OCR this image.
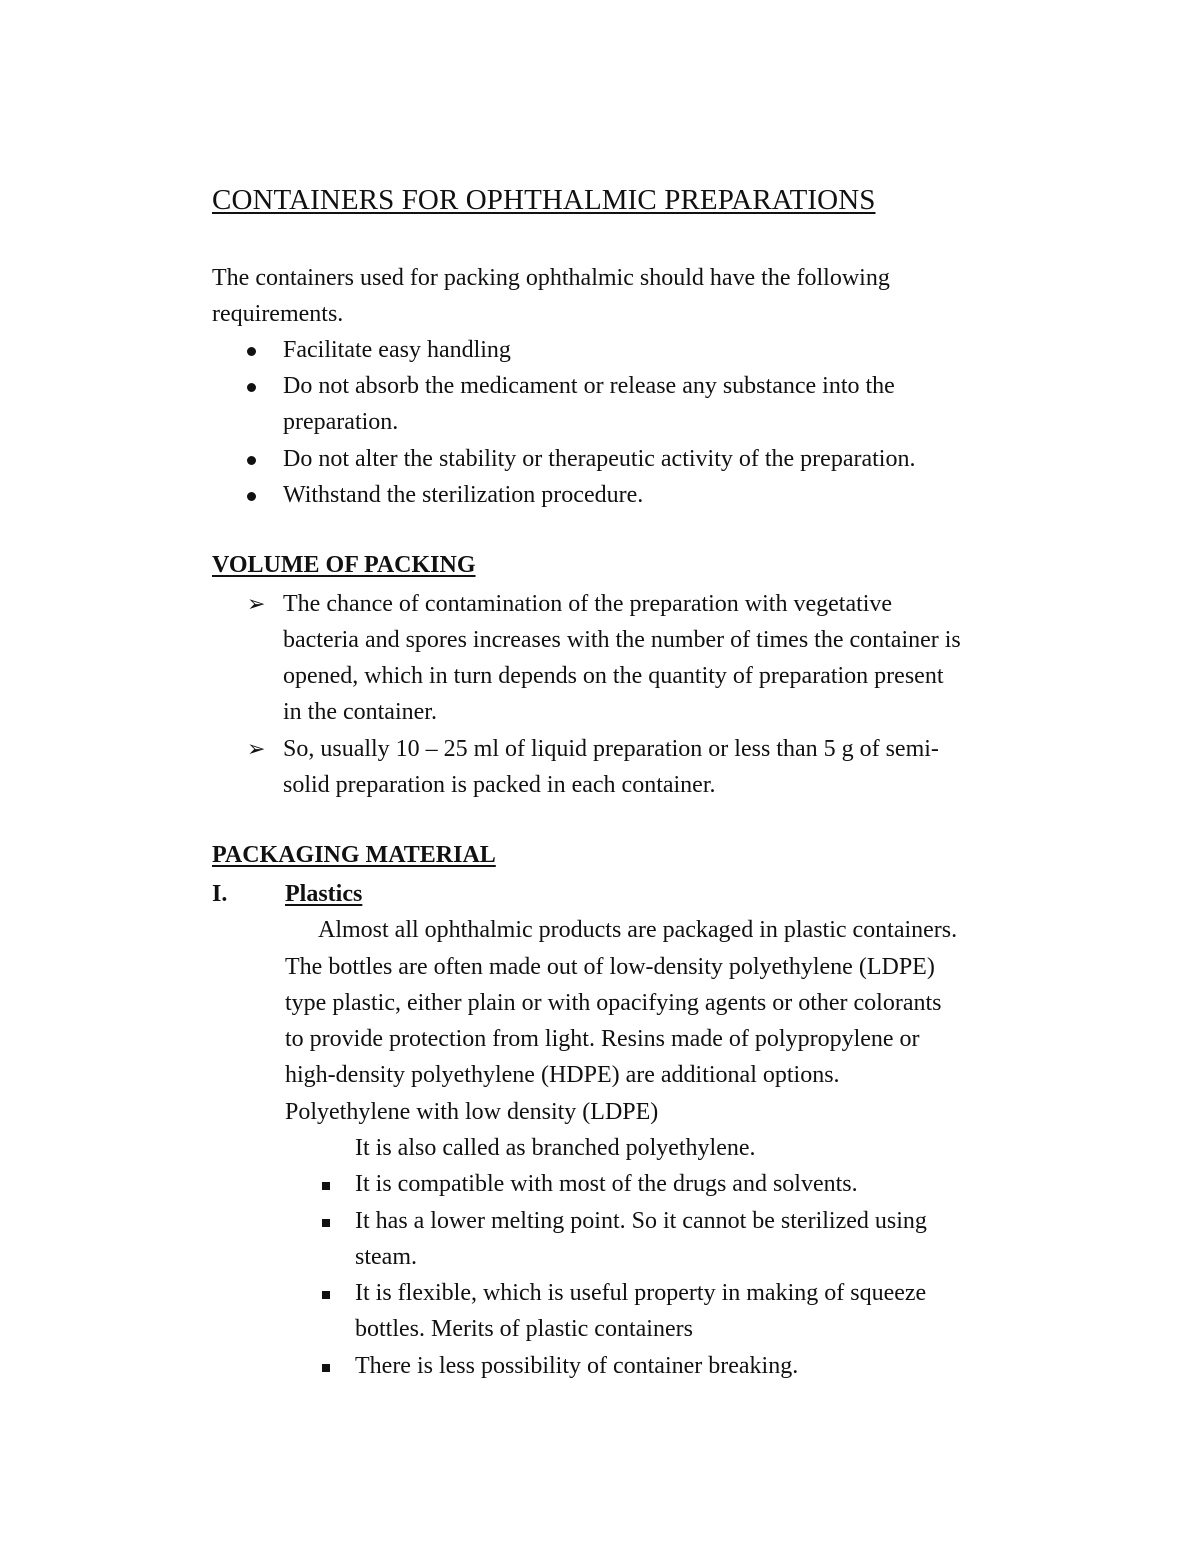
CONTAINERS FOR OPHTHALMIC PREPARATIONS
The containers used for packing ophthalmic should have the following
requirements.
Facilitate easy handling
Do not absorb the medicament or release any substance into the
preparation.
Do not alter the stability or therapeutic activity of the preparation.
Withstand the sterilization procedure.
VOLUME OF PACKING
➢ The chance of contamination of the preparation with vegetative
bacteria and spores increases with the number of times the container is
opened, which in turn depends on the quantity of preparation present
in the container.
➢ So, usually 10 – 25 ml of liquid preparation or less than 5 g of semi-
solid preparation is packed in each container.
PACKAGING MATERIAL
I. Plastics
Almost all ophthalmic products are packaged in plastic containers.
The bottles are often made out of low-density polyethylene (LDPE)
type plastic, either plain or with opacifying agents or other colorants
to provide protection from light. Resins made of polypropylene or
high-density polyethylene (HDPE) are additional options.
Polyethylene with low density (LDPE)
It is also called as branched polyethylene.
It is compatible with most of the drugs and solvents.
It has a lower melting point. So it cannot be sterilized using
steam.
It is flexible, which is useful property in making of squeeze
bottles. Merits of plastic containers
There is less possibility of container breaking.
